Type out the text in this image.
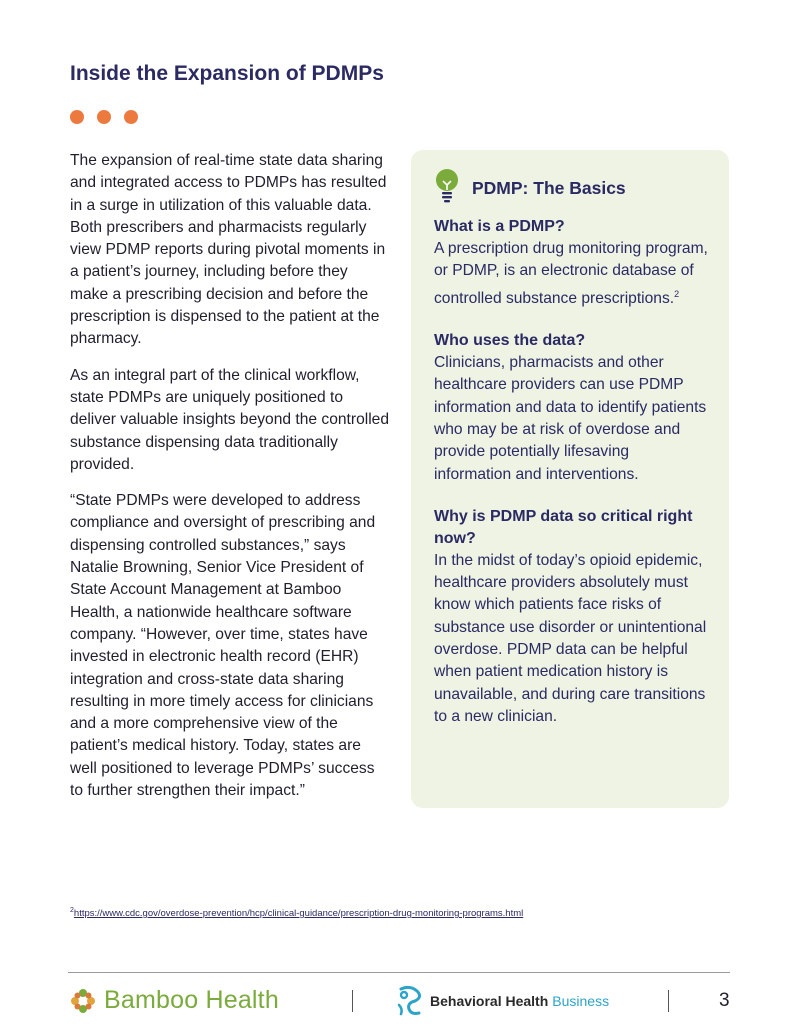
Inside the Expansion of PDMPs

The expansion of real-time state data sharing and integrated access to PDMPs has resulted in a surge in utilization of this valuable data. Both prescribers and pharmacists regularly view PDMP reports during pivotal moments in a patient’s journey, including before they make a prescribing decision and before the prescription is dispensed to the patient at the pharmacy.

As an integral part of the clinical workflow, state PDMPs are uniquely positioned to deliver valuable insights beyond the controlled substance dispensing data traditionally provided.

“State PDMPs were developed to address compliance and oversight of prescribing and dispensing controlled substances,” says Natalie Browning, Senior Vice President of State Account Management at Bamboo Health, a nationwide healthcare software company. “However, over time, states have invested in electronic health record (EHR) integration and cross-state data sharing resulting in more timely access for clinicians and a more comprehensive view of the patient’s medical history. Today, states are well positioned to leverage PDMPs’ success to further strengthen their impact.”

PDMP: The Basics

What is a PDMP?

A prescription drug monitoring program, or PDMP, is an electronic database of controlled substance prescriptions.$^2$

Who uses the data?

Clinicians, pharmacists and other healthcare providers can use PDMP information and data to identify patients who may be at risk of overdose and provide potentially lifesaving information and interventions.

Why is PDMP data so critical right now?

In the midst of today’s opioid epidemic, healthcare providers absolutely must know which patients face risks of substance use disorder or unintentional overdose. PDMP data can be helpful when patient medication history is unavailable, and during care transitions to a new clinician.

$^2$https://www.cdc.gov/overdose-prevention/hcp/clinical-guidance/prescription-drug-monitoring-programs.html
Bamboo Health	Behavioral Health Business	3
